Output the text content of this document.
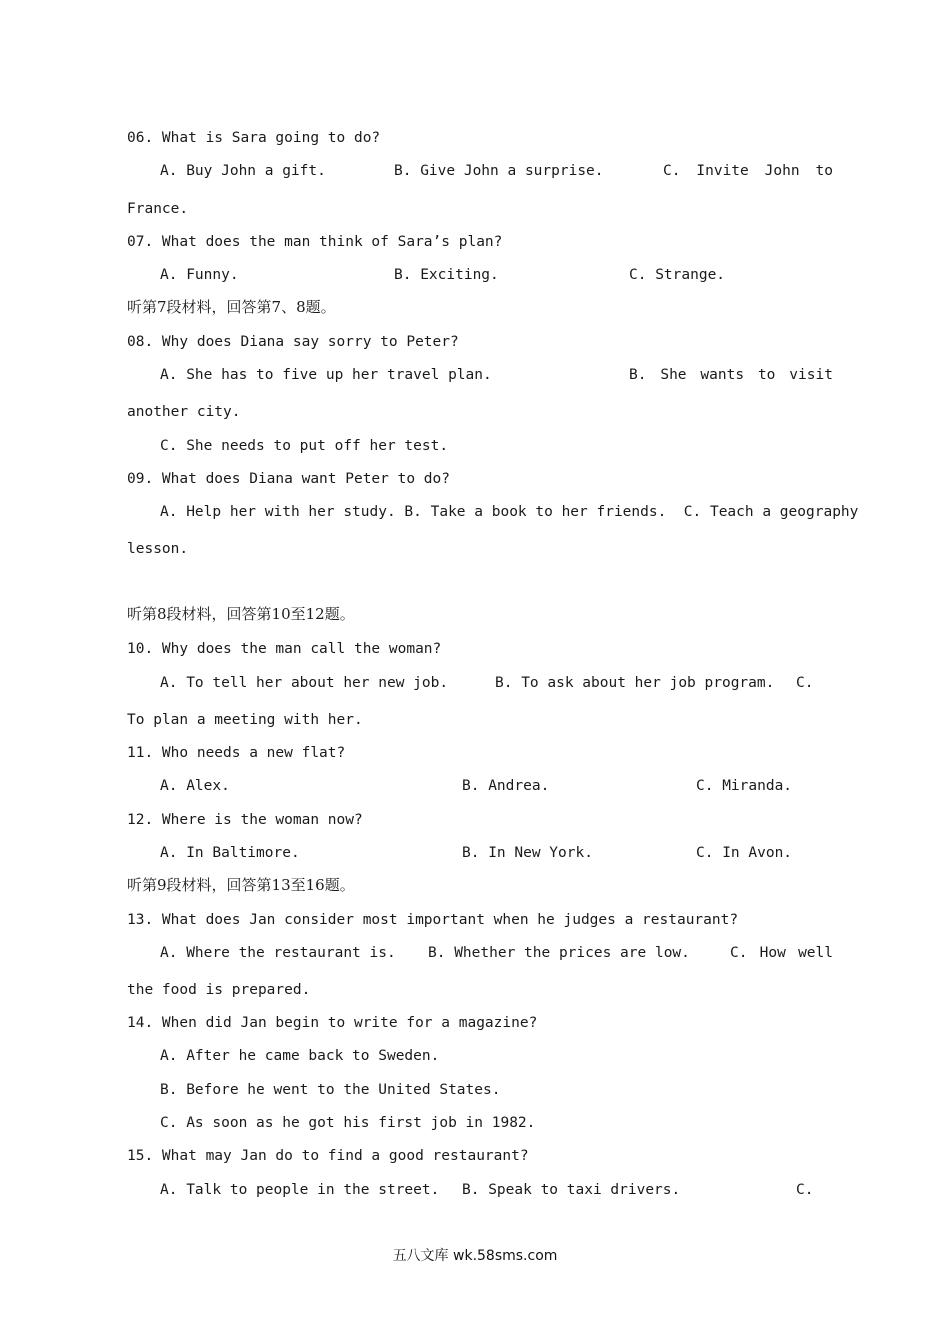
06. What is Sara going to do?
A. Buy John a gift.	B. Give John a surprise.	C. Invite John to
France.
07. What does the man think of Sara’s plan?
A. Funny.	B. Exciting.	C. Strange.
听第7段材料，回答第7、8题。
08. Why does Diana say sorry to Peter?
A. She has to five up her travel plan.	B. She wants to visit
another city.
C. She needs to put off her test.
09. What does Diana want Peter to do?
A. Help her with her study. B. Take a book to her friends.  C. Teach a geography
lesson.
听第8段材料，回答第10至12题。
10. Why does the man call the woman?
A. To tell her about her new job.	B. To ask about her job program. C.
To plan a meeting with her.
11. Who needs a new flat?
A. Alex.	B. Andrea.	C. Miranda.
12. Where is the woman now?
A. In Baltimore.	B. In New York.	C. In Avon.
听第9段材料，回答第13至16题。
13. What does Jan consider most important when he judges a restaurant?
A. Where the restaurant is. B. Whether the prices are low.	C. How well
the food is prepared.
14. When did Jan begin to write for a magazine?
A. After he came back to Sweden.
B. Before he went to the United States.
C. As soon as he got his first job in 1982.
15. What may Jan do to find a good restaurant?
A. Talk to people in the street. B. Speak to taxi drivers.	C.
五八文库 wk.58sms.com
